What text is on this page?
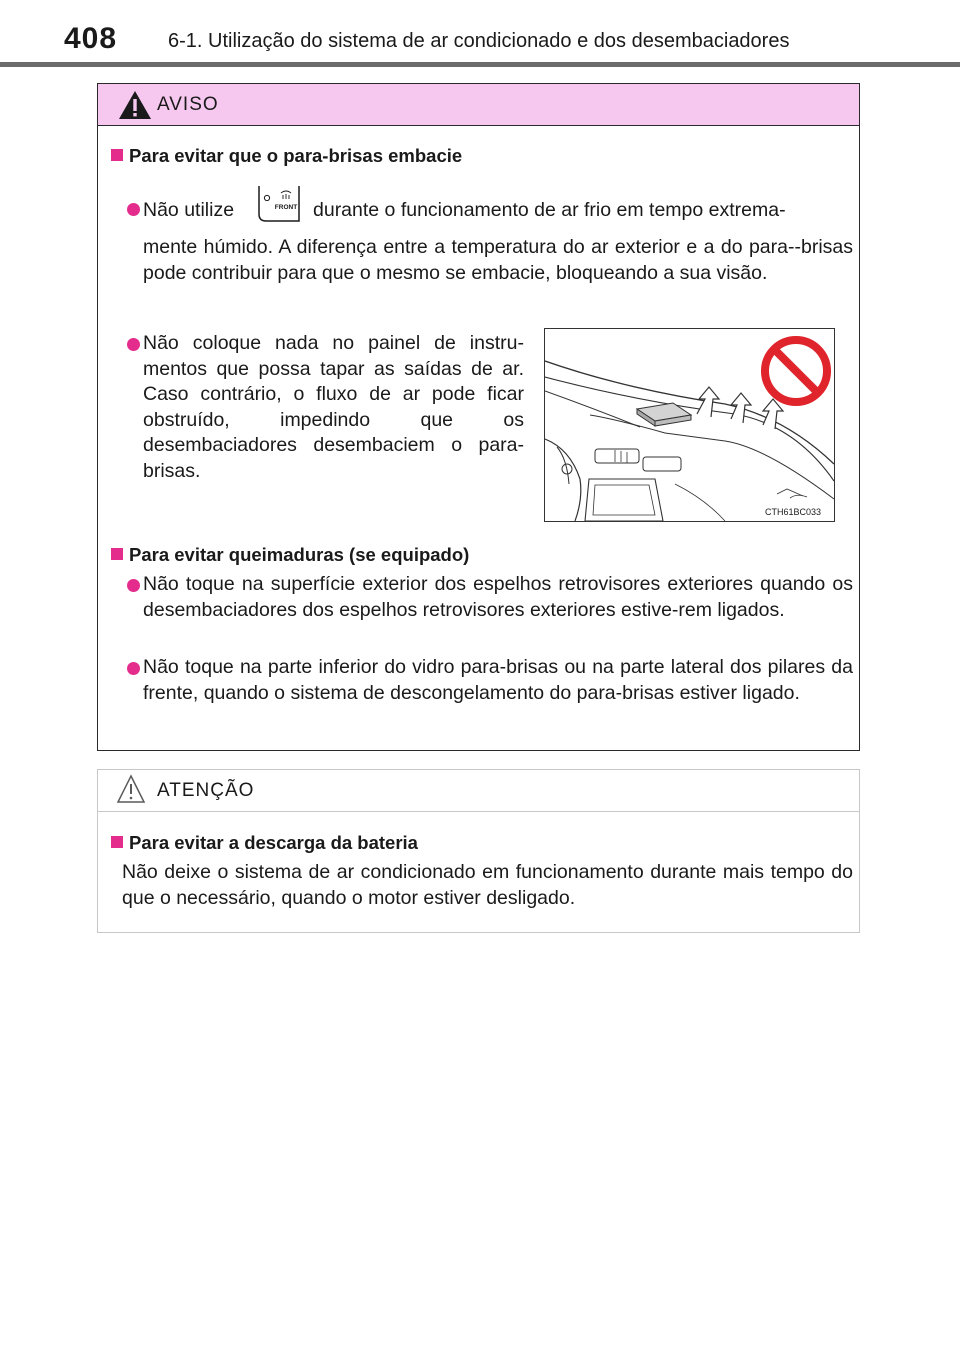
408	6-1. Utilização do sistema de ar condicionado e dos desembaciadores
AVISO
Para evitar que o para-brisas embacie
Não utilize	FRONT durante o funcionamento de ar frio em tempo extrema-
mente húmido. A diferença entre a temperatura do ar exterior e a do para--brisas pode contribuir para que o mesmo se embacie, bloqueando a sua visão.
Não coloque nada no painel de instru-mentos que possa tapar as saídas de ar. Caso contrário, o fluxo de ar pode ficar obstruído, impedindo que os desembaciadores desembaciem o para-brisas.
CTH61BC033
Para evitar queimaduras (se equipado)
Não toque na superfície exterior dos espelhos retrovisores exteriores quando os desembaciadores dos espelhos retrovisores exteriores estive-rem ligados.
Não toque na parte inferior do vidro para-brisas ou na parte lateral dos pilares da frente, quando o sistema de descongelamento do para-brisas estiver ligado.
ATENÇÃO
Para evitar a descarga da bateria
Não deixe o sistema de ar condicionado em funcionamento durante mais tempo do que o necessário, quando o motor estiver desligado.
